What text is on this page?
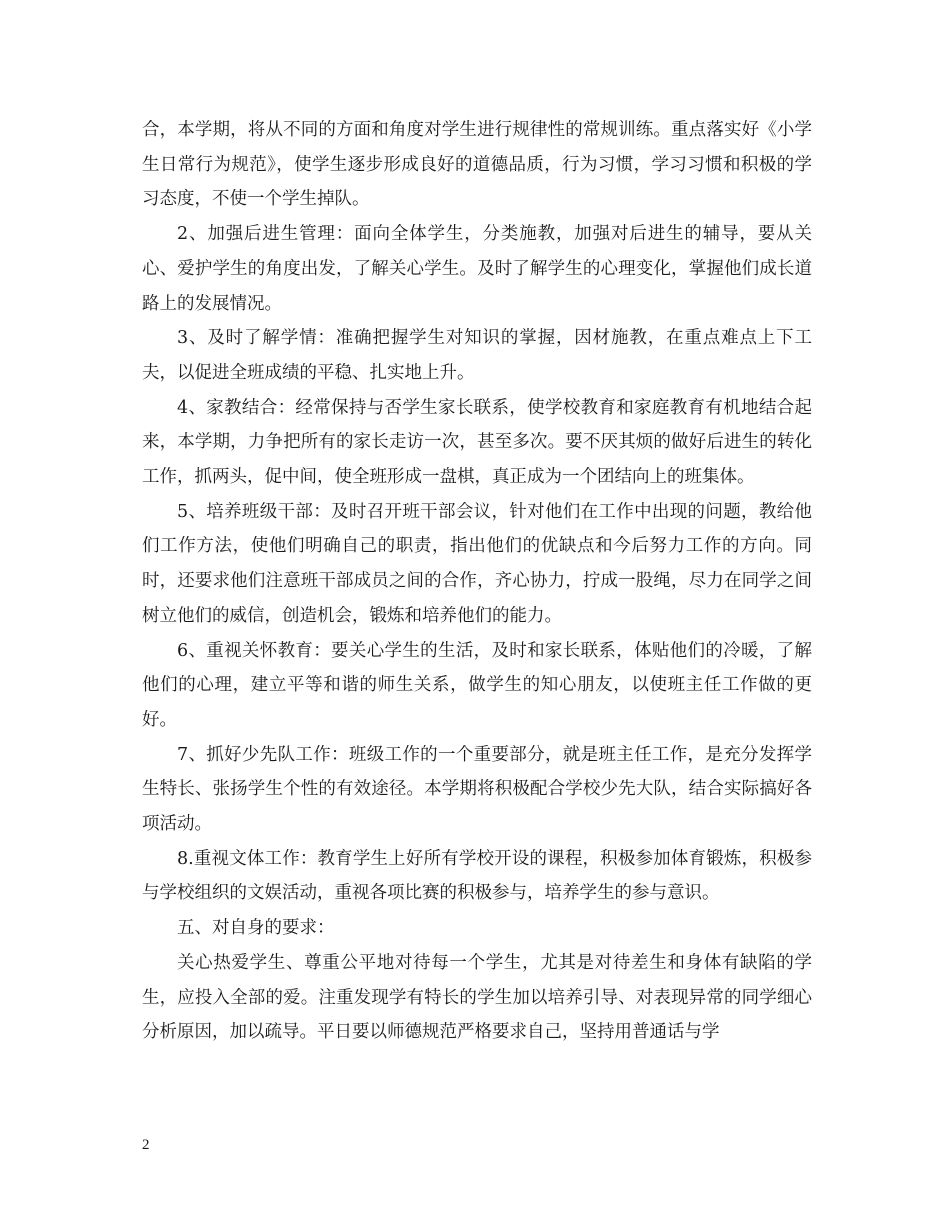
合，本学期，将从不同的方面和角度对学生进行规律性的常规训练。重点落实好《小学生日常行为规范》，使学生逐步形成良好的道德品质，行为习惯，学习习惯和积极的学习态度，不使一个学生掉队。

2、加强后进生管理：面向全体学生，分类施教，加强对后进生的辅导，要从关心、爱护学生的角度出发，了解关心学生。及时了解学生的心理变化，掌握他们成长道路上的发展情况。

3、及时了解学情：准确把握学生对知识的掌握，因材施教，在重点难点上下工夫，以促进全班成绩的平稳、扎实地上升。

4、家教结合：经常保持与否学生家长联系，使学校教育和家庭教育有机地结合起来，本学期，力争把所有的家长走访一次，甚至多次。要不厌其烦的做好后进生的转化工作，抓两头，促中间，使全班形成一盘棋，真正成为一个团结向上的班集体。

5、培养班级干部：及时召开班干部会议，针对他们在工作中出现的问题，教给他们工作方法，使他们明确自己的职责，指出他们的优缺点和今后努力工作的方向。同时，还要求他们注意班干部成员之间的合作，齐心协力，拧成一股绳，尽力在同学之间树立他们的威信，创造机会，锻炼和培养他们的能力。

6、重视关怀教育：要关心学生的生活，及时和家长联系，体贴他们的冷暖，了解他们的心理，建立平等和谐的师生关系，做学生的知心朋友，以使班主任工作做的更好。

7、抓好少先队工作：班级工作的一个重要部分，就是班主任工作，是充分发挥学生特长、张扬学生个性的有效途径。本学期将积极配合学校少先大队，结合实际搞好各项活动。

8.重视文体工作：教育学生上好所有学校开设的课程，积极参加体育锻炼，积极参与学校组织的文娱活动，重视各项比赛的积极参与，培养学生的参与意识。

五、对自身的要求：

关心热爱学生、尊重公平地对待每一个学生，尤其是对待差生和身体有缺陷的学生，应投入全部的爱。注重发现学有特长的学生加以培养引导、对表现异常的同学细心分析原因，加以疏导。平日要以师德规范严格要求自己，坚持用普通话与学

2
